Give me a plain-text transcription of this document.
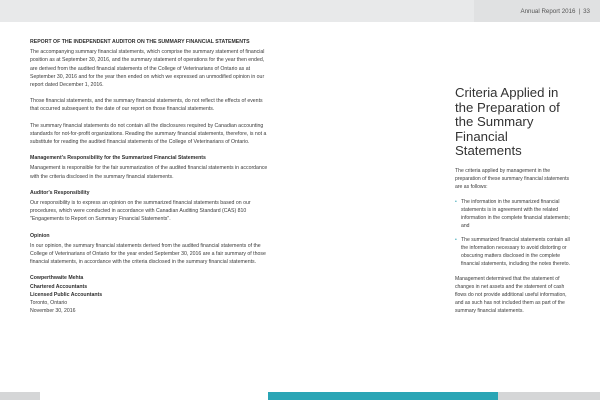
Annual Report 2016 | 33
REPORT OF THE INDEPENDENT AUDITOR ON THE SUMMARY FINANCIAL STATEMENTS

The accompanying summary financial statements, which comprise the summary statement of financial position as at September 30, 2016, and the summary statement of operations for the year then ended, are derived from the audited financial statements of the College of Veterinarians of Ontario as at September 30, 2016 and for the year then ended on which we expressed an unmodified opinion in our report dated December 1, 2016.

Those financial statements, and the summary financial statements, do not reflect the effects of events that occurred subsequent to the date of our report on those financial statements.

The summary financial statements do not contain all the disclosures required by Canadian accounting standards for not-for-profit organizations. Reading the summary financial statements, therefore, is not a substitute for reading the audited financial statements of the College of Veterinarians of Ontario.

Management's Responsibility for the Summarized Financial Statements

Management is responsible for the fair summarization of the audited financial statements in accordance with the criteria disclosed in the summary financial statements.

Auditor's Responsibility

Our responsibility is to express an opinion on the summarized financial statements based on our procedures, which were conducted in accordance with Canadian Auditing Standard (CAS) 810 "Engagements to Report on Summary Financial Statements".

Opinion

In our opinion, the summary financial statements derived from the audited financial statements of the College of Veterinarians of Ontario for the year ended September 30, 2016 are a fair summary of those financial statements, in accordance with the criteria disclosed in the summary financial statements.

Cowperthwaite Mehta
Chartered Accountants
Licensed Public Accountants
Toronto, Ontario
November 30, 2016
Criteria Applied in the Preparation of the Summary Financial Statements

The criteria applied by management in the preparation of these summary financial statements are as follows:

• The information in the summarized financial statements is in agreement with the related information in the complete financial statements; and
• The summarized financial statements contain all the information necessary to avoid distorting or obscuring matters disclosed in the complete financial statements, including the notes thereto.

Management determined that the statement of changes in net assets and the statement of cash flows do not provide additional useful information, and as such has not included them as part of the summary financial statements.
